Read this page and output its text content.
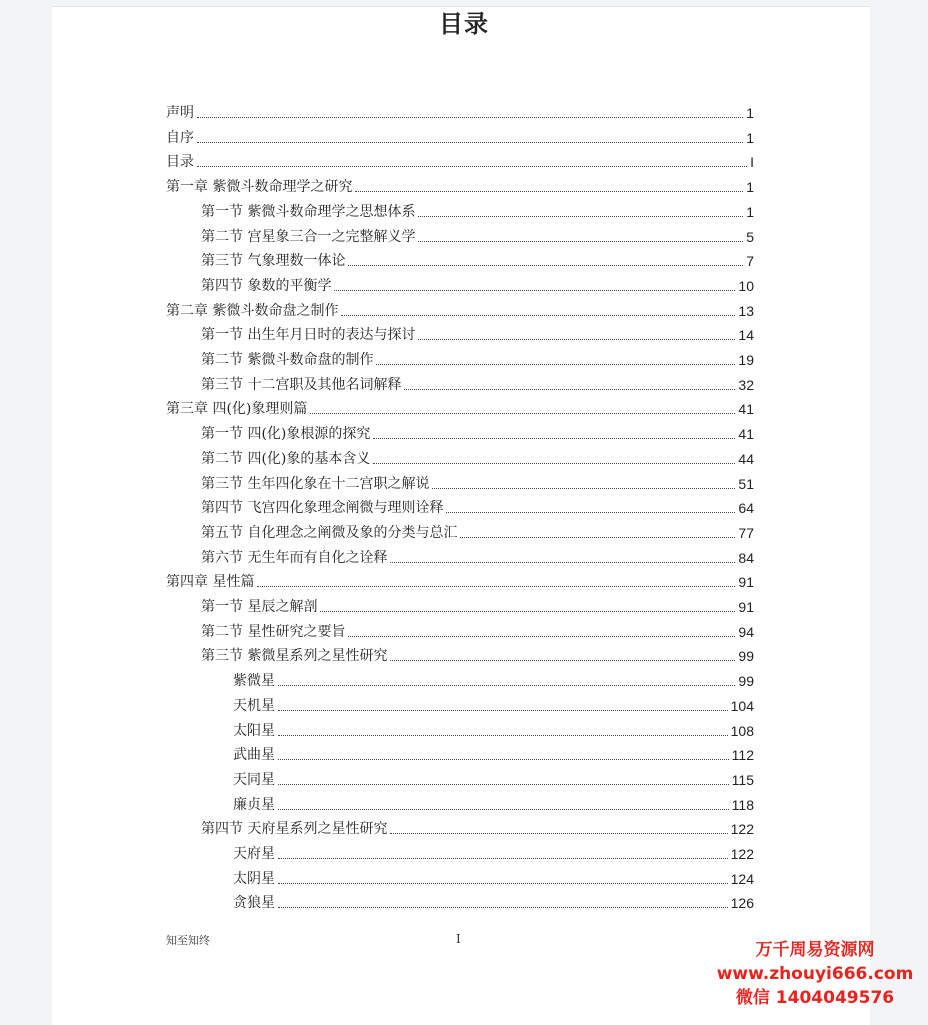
目录
声明	1
自序	1
目录	I
第一章 紫微斗数命理学之研究	1
第一节 紫微斗数命理学之思想体系	1
第二节 宫星象三合一之完整解义学	5
第三节 气象理数一体论	7
第四节 象数的平衡学	10
第二章 紫微斗数命盘之制作	13
第一节 出生年月日时的表达与探讨	14
第二节 紫微斗数命盘的制作	19
第三节 十二宫职及其他名词解释	32
第三章 四(化)象理则篇	41
第一节 四(化)象根源的探究	41
第二节 四(化)象的基本含义	44
第三节 生年四化象在十二宫职之解说	51
第四节 飞宫四化象理念阐微与理则诠释	64
第五节 自化理念之阐微及象的分类与总汇	77
第六节 无生年而有自化之诠释	84
第四章 星性篇	91
第一节 星辰之解剖	91
第二节 星性研究之要旨	94
第三节 紫微星系列之星性研究	99
紫微星	99
天机星	104
太阳星	108
武曲星	112
天同星	115
廉贞星	118
第四节 天府星系列之星性研究	122
天府星	122
太阴星	124
贪狼星	126
知至知终	I
万千周易资源网
www.zhouyi666.com
微信 1404049576
